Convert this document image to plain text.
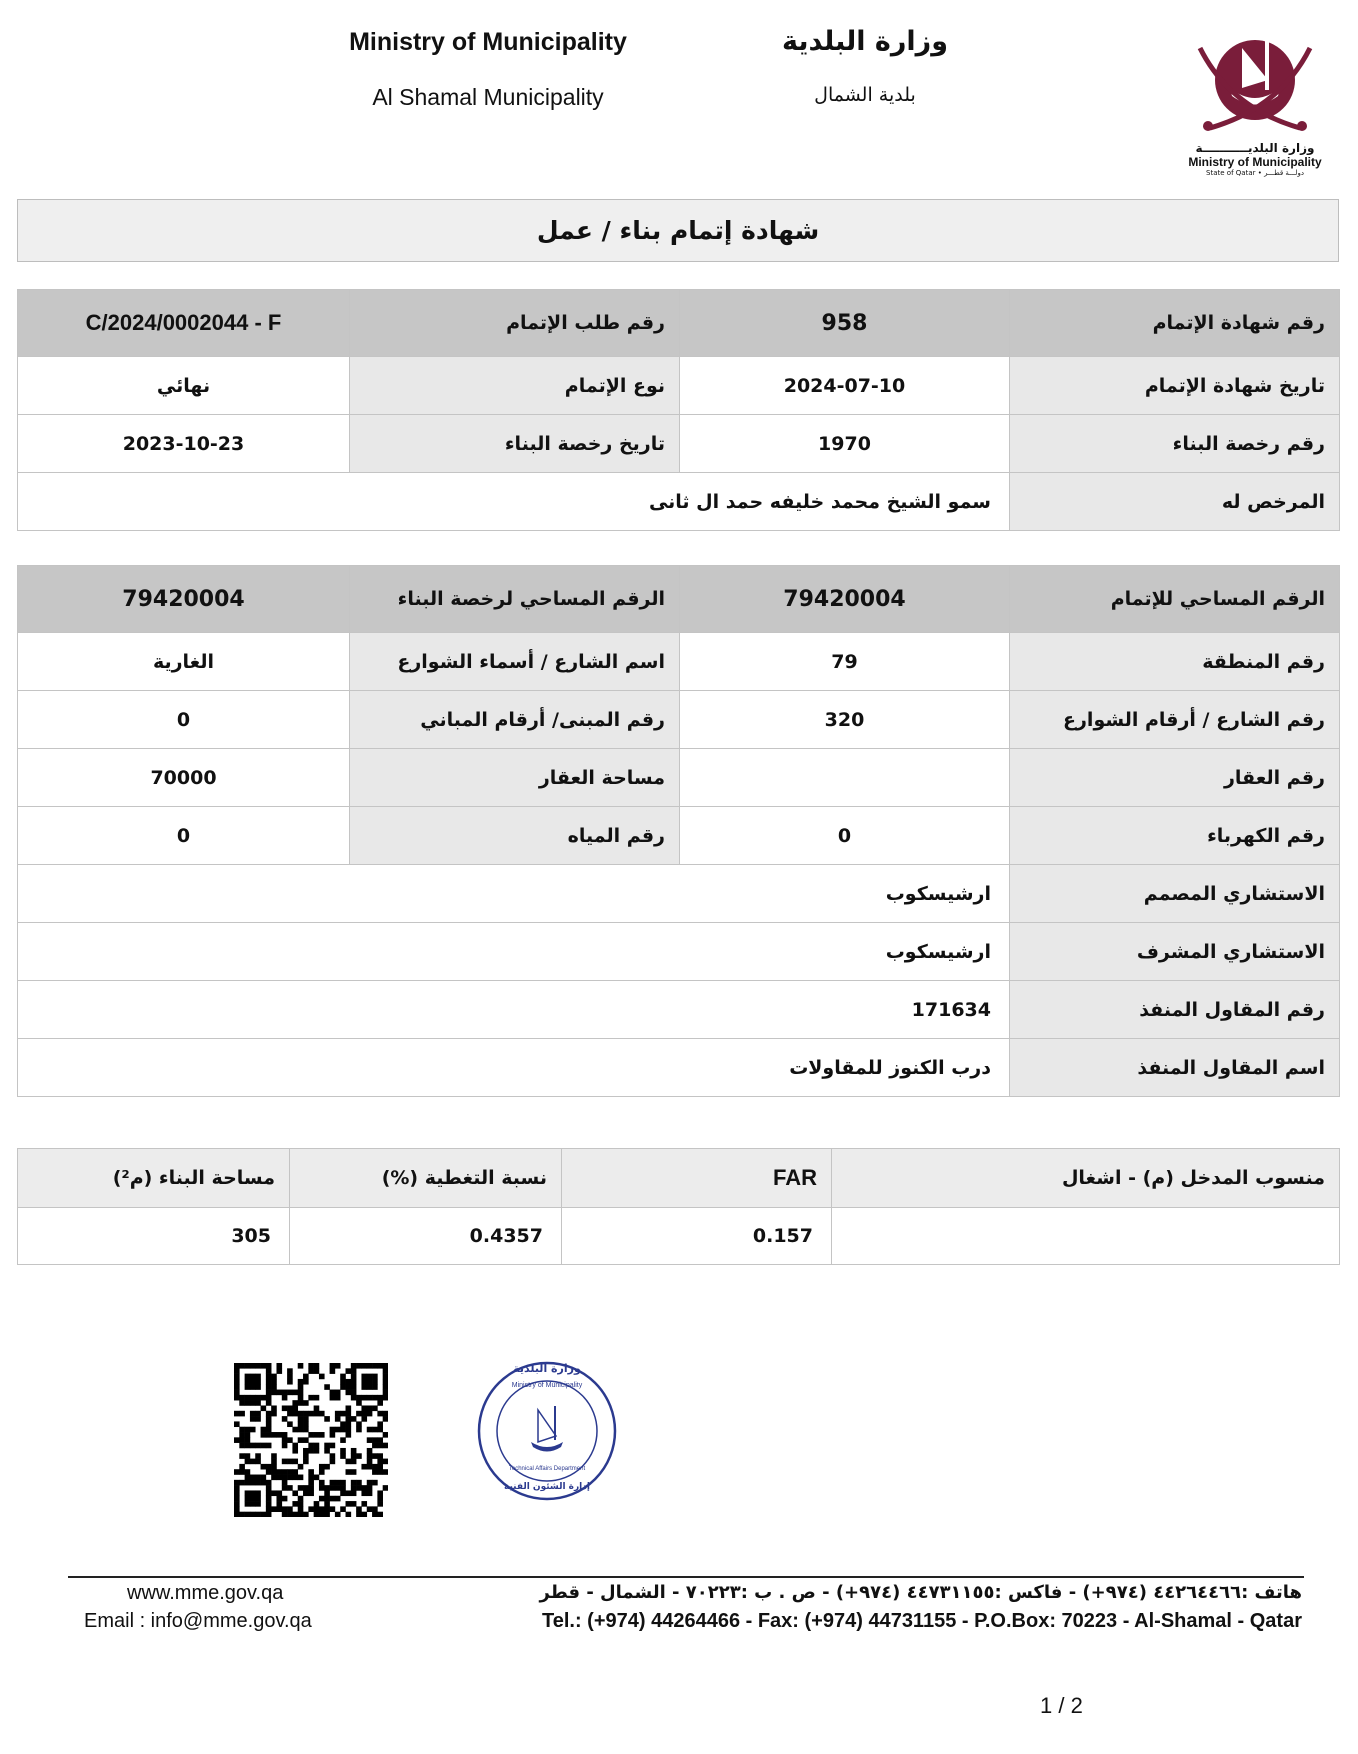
Ministry of Municipality
Al Shamal Municipality
وزارة البلدية
بلدية الشمال
وزارة البلديـــــــــــة
Ministry of Municipality
State of Qatar • دولـــة قطـــر
شهادة إتمام بناء / عمل
رقم شهادة الإتمام	958	رقم طلب الإتمام	C/2024/0002044 - F
تاريخ شهادة الإتمام	2024-07-10	نوع الإتمام	نهائي
رقم رخصة البناء	1970	تاريخ رخصة البناء	2023-10-23
المرخص له	سمو الشيخ محمد خليفه حمد ال ثانى		
الرقم المساحي للإتمام	79420004	الرقم المساحي لرخصة البناء	79420004
رقم المنطقة	79	اسم الشارع / أسماء الشوارع	الغارية
رقم الشارع / أرقام الشوارع	320	رقم المبنى/ أرقام المباني	0
رقم العقار		مساحة العقار	70000
رقم الكهرباء	0	رقم المياه	0
الاستشاري المصمم	ارشيسكوب		
الاستشاري المشرف	ارشيسكوب		
رقم المقاول المنفذ	171634		
اسم المقاول المنفذ	درب الكنوز للمقاولات		
منسوب المدخل (م) - اشغال	FAR	نسبة التغطية (%)	مساحة البناء (م²)
	0.157	0.4357	305
وزارة البلدية
Ministry of Municipality
Technical Affairs Department
إدارة الشئون الفنية
www.mme.gov.qa
Email : info@mme.gov.qa
هاتف :٤٤٢٦٤٤٦٦ (٩٧٤+) - فاكس :٤٤٧٣١١٥٥ (٩٧٤+) - ص . ب :٧٠٢٢٣ - الشمال - قطر
Tel.: (+974) 44264466 - Fax: (+974) 44731155 - P.O.Box: 70223 - Al-Shamal - Qatar
1 / 2
